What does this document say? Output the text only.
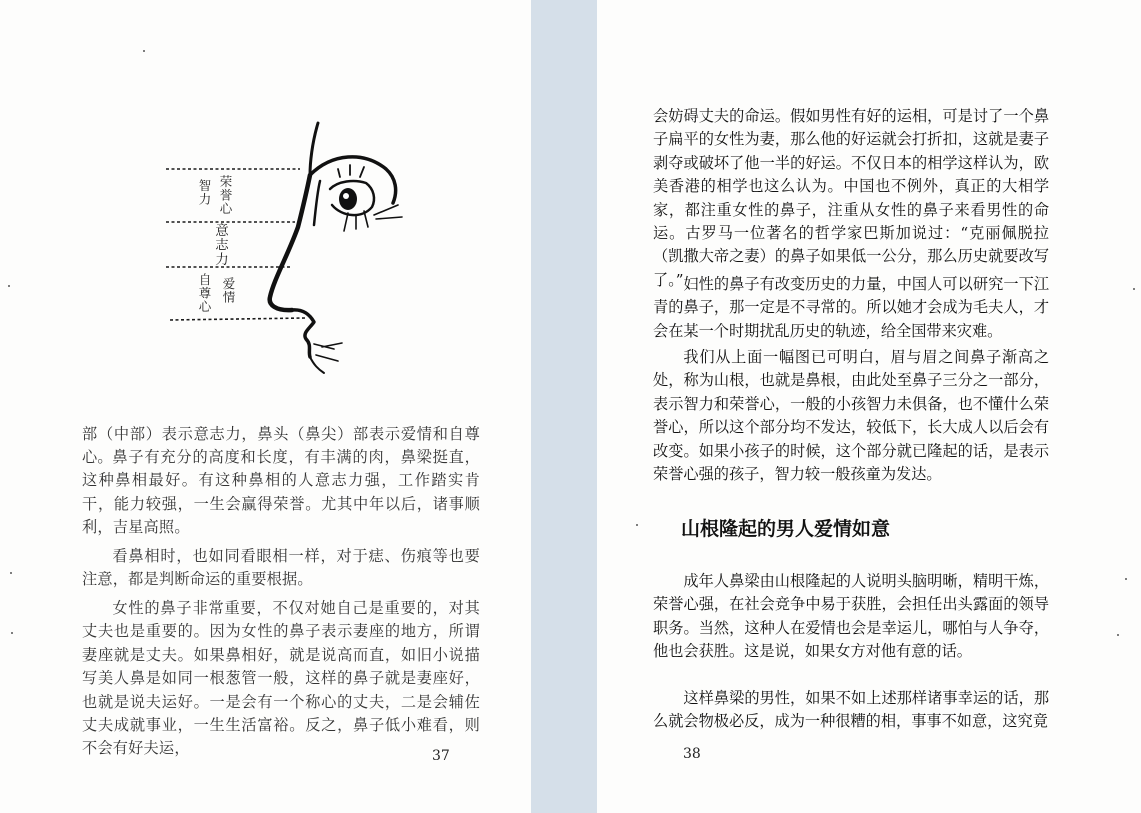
智力 荣誉心
意志力
自尊心 爱情

部（中部）表示意志力，鼻头（鼻尖）部表示爱情和自尊心。 鼻子有充分的高度和长度，有丰满的肉，鼻梁挺直，这种鼻相最好。有这种鼻相的人意志力强，工作踏实肯干，能力较强，一生会赢得荣誉。尤其中年以后，诸事顺利，吉星高照。

看鼻相时，也如同看眼相一样，对于痣、伤痕等也要注意，都是判断命运的重要根据。

女性的鼻子非常重要，不仅对她自己是重要的，对其丈夫也是重要的。因为女性的鼻子表示妻座的地方，所谓妻座就是丈夫。如果鼻相好，就是说高而直，如旧小说描写美人鼻是如同一根葱管一般，这样的鼻子就是妻座好，也就是说夫运好。一是会有一个称心的丈夫，二是会辅佐丈夫成就事业，一生生活富裕。反之，鼻子低小难看，则不会有好夫运，	37

会妨碍丈夫的命运。假如男性有好的运相，可是讨了一个鼻子扁平的女性为妻，那么他的好运就会打折扣，这就是妻子剥夺或破坏了他一半的好运。不仅日本的相学这样认为，欧美香港的相学也这么认为。中国也不例外，真正的大相学家，都注重女性的鼻子，注重从女性的鼻子来看男性的命运。古罗马一位著名的哲学家巴斯加说过：“克丽佩脱拉（凯撒大帝之妻）的鼻子如果低一公分，那么历史就要改写了。” 妇性的鼻子有改变历史的力量，中国人可以研究一下江青的鼻子，那一定是不寻常的。所以她才会成为毛夫人，才会在某一个时期扰乱历史的轨迹，给全国带来灾难。

我们从上面一幅图已可明白，眉与眉之间鼻子渐高之处，称为山根，也就是鼻根，由此处至鼻子三分之一部分，表示智力和荣誉心，一般的小孩智力未俱备，也不懂什么荣誉心，所以这个部分均不发达，较低下，长大成人以后会有改变。如果小孩子的时候，这个部分就已隆起的话，是表示荣誉心强的孩子，智力较一般孩童为发达。

山根隆起的男人爱情如意

成年人鼻梁由山根隆起的人说明头脑明晰，精明干炼，荣誉心强，在社会竞争中易于获胜，会担任出头露面的领导职务。当然，这种人在爱情也会是幸运儿，哪怕与人争夺，他也会获胜。这是说，如果女方对他有意的话。

这样鼻梁的男性，如果不如上述那样诸事幸运的话，那么就会物极必反，成为一种很糟的相，事事不如意，这究竟

38
